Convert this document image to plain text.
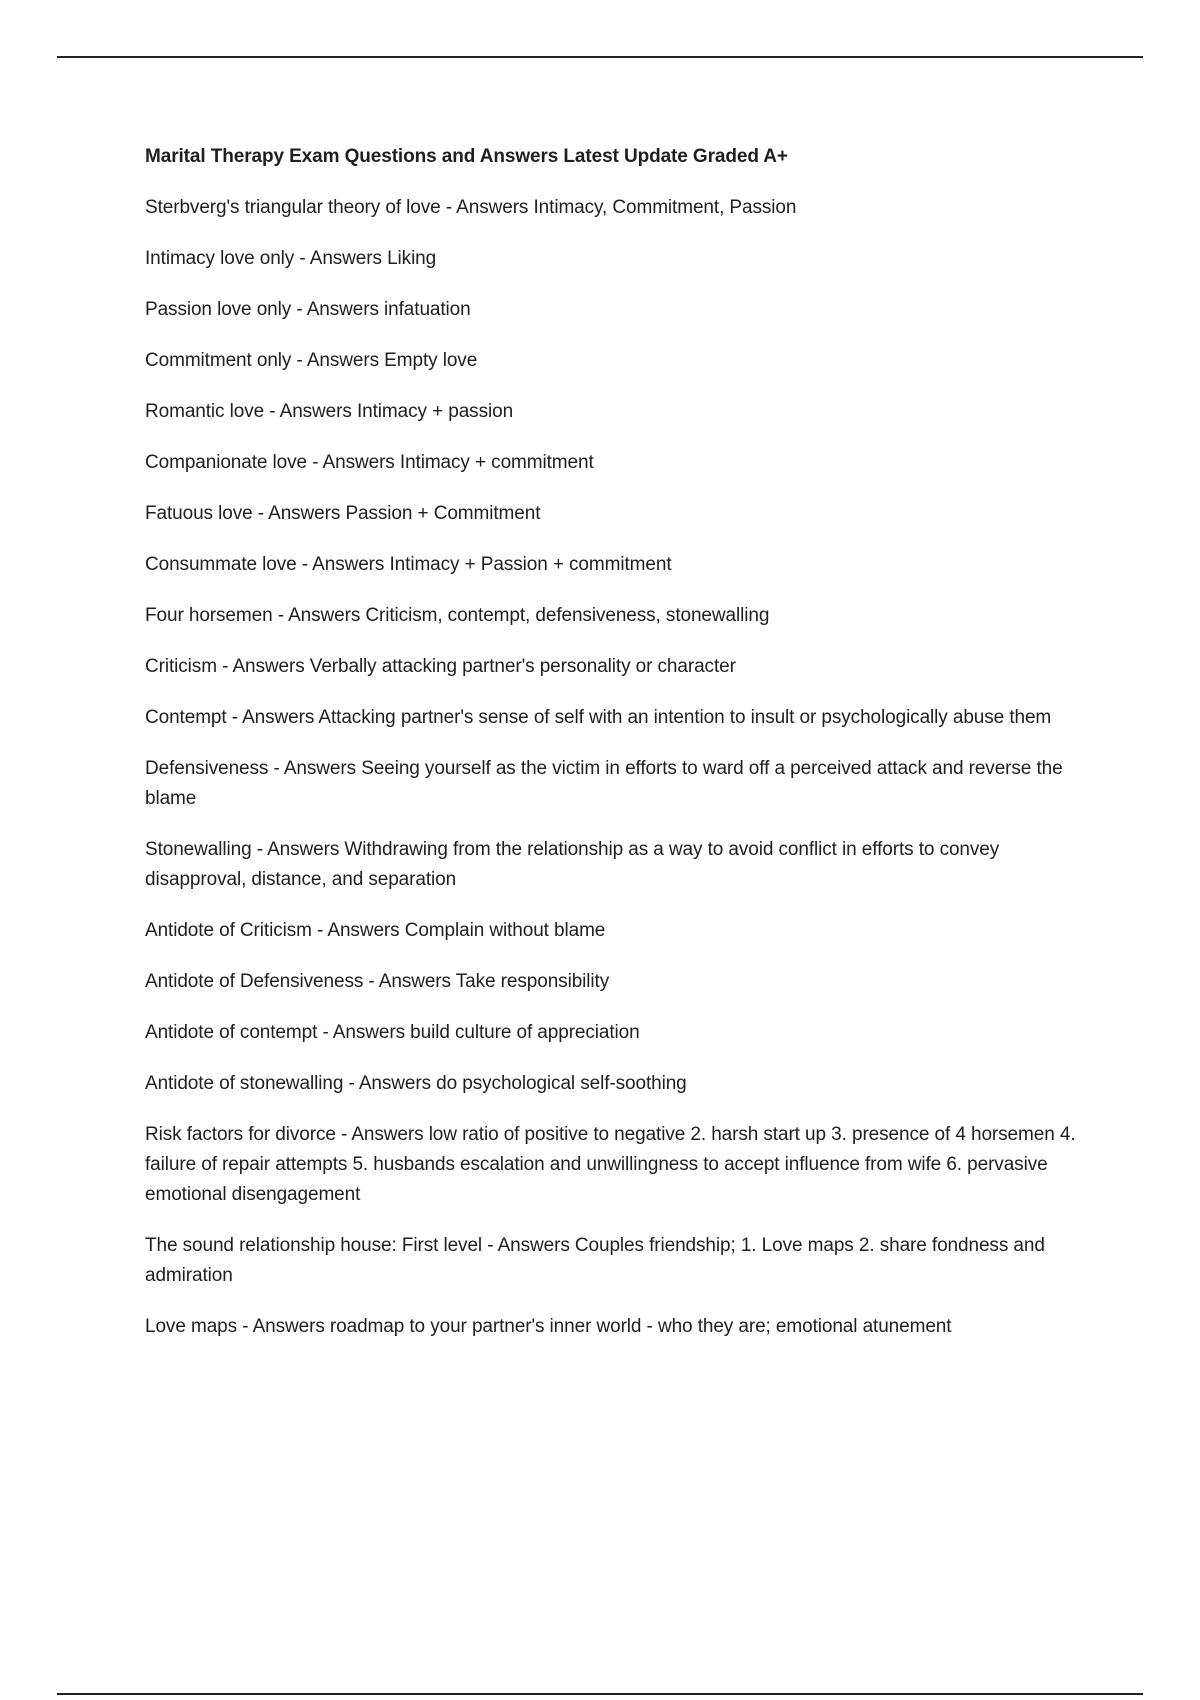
Marital Therapy Exam Questions and Answers Latest Update Graded A+

Sterbverg's triangular theory of love - Answers Intimacy, Commitment, Passion

Intimacy love only - Answers Liking

Passion love only - Answers infatuation

Commitment only - Answers Empty love

Romantic love - Answers Intimacy + passion

Companionate love - Answers Intimacy + commitment

Fatuous love - Answers Passion + Commitment

Consummate love - Answers Intimacy + Passion + commitment

Four horsemen - Answers Criticism, contempt, defensiveness, stonewalling

Criticism - Answers Verbally attacking partner's personality or character

Contempt - Answers Attacking partner's sense of self with an intention to insult or psychologically abuse them

Defensiveness - Answers Seeing yourself as the victim in efforts to ward off a perceived attack and reverse the blame

Stonewalling - Answers Withdrawing from the relationship as a way to avoid conflict in efforts to convey disapproval, distance, and separation

Antidote of Criticism - Answers Complain without blame

Antidote of Defensiveness - Answers Take responsibility

Antidote of contempt - Answers build culture of appreciation

Antidote of stonewalling - Answers do psychological self-soothing

Risk factors for divorce - Answers low ratio of positive to negative 2. harsh start up 3. presence of 4 horsemen 4. failure of repair attempts 5. husbands escalation and unwillingness to accept influence from wife 6. pervasive emotional disengagement

The sound relationship house: First level - Answers Couples friendship; 1. Love maps 2. share fondness and admiration

Love maps - Answers roadmap to your partner's inner world - who they are; emotional atunement
